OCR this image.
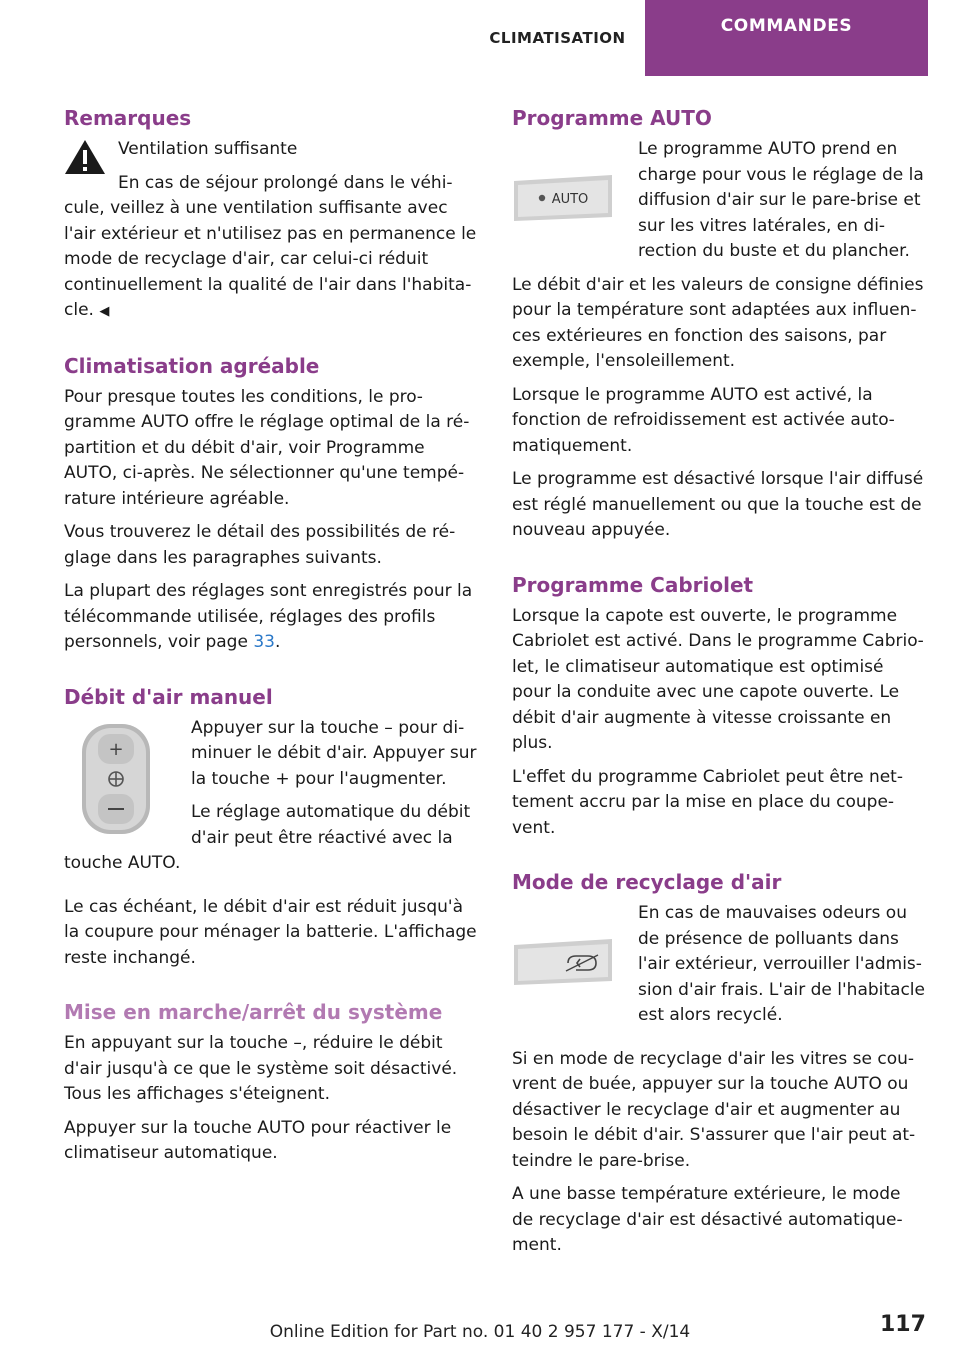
CLIMATISATION
COMMANDES
Remarques

Ventilation suffisante

En cas de séjour prolongé dans le véhicule, veillez à une ventilation suffisante avec l'air extérieur et n'utilisez pas en permanence le mode de recyclage d'air, car celui-ci réduit continuellement la qualité de l'air dans l'habitacle. ◀

Climatisation agréable

Pour presque toutes les conditions, le programme AUTO offre le réglage optimal de la répartition et du débit d'air, voir Programme AUTO, ci-après. Ne sélectionner qu'une température intérieure agréable.

Vous trouverez le détail des possibilités de réglage dans les paragraphes suivants.

La plupart des réglages sont enregistrés pour la télécommande utilisée, réglages des profils personnels, voir page 33.

Débit d'air manuel
+

Appuyer sur la touche – pour diminuer le débit d'air. Appuyer sur la touche + pour l'augmenter.

Le réglage automatique du débit d'air peut être réactivé avec la touche AUTO.

Le cas échéant, le débit d'air est réduit jusqu'à la coupure pour ménager la batterie. L'affichage reste inchangé.

Mise en marche/arrêt du système

En appuyant sur la touche –, réduire le débit d'air jusqu'à ce que le système soit désactivé. Tous les affichages s'éteignent.

Appuyer sur la touche AUTO pour réactiver le climatiseur automatique.

Programme AUTO
AUTO

Le programme AUTO prend en charge pour vous le réglage de la diffusion d'air sur le pare-brise et sur les vitres latérales, en direction du buste et du plancher.

Le débit d'air et les valeurs de consigne définies pour la température sont adaptées aux influences extérieures en fonction des saisons, par exemple, l'ensoleillement.

Lorsque le programme AUTO est activé, la fonction de refroidissement est activée automatiquement.

Le programme est désactivé lorsque l'air diffusé est réglé manuellement ou que la touche est de nouveau appuyée.

Programme Cabriolet

Lorsque la capote est ouverte, le programme Cabriolet est activé. Dans le programme Cabriolet, le climatiseur automatique est optimisé pour la conduite avec une capote ouverte. Le débit d'air augmente à vitesse croissante en plus.

L'effet du programme Cabriolet peut être nettement accru par la mise en place du coupe-vent.

Mode de recyclage d'air

En cas de mauvaises odeurs ou de présence de polluants dans l'air extérieur, verrouiller l'admission d'air frais. L'air de l'habitacle est alors recyclé.

Si en mode de recyclage d'air les vitres se couvrent de buée, appuyer sur la touche AUTO ou désactiver le recyclage d'air et augmenter au besoin le débit d'air. S'assurer que l'air peut atteindre le pare-brise.

A une basse température extérieure, le mode de recyclage d'air est désactivé automatiquement.

Online Edition for Part no. 01 40 2 957 177 - X/14	117
